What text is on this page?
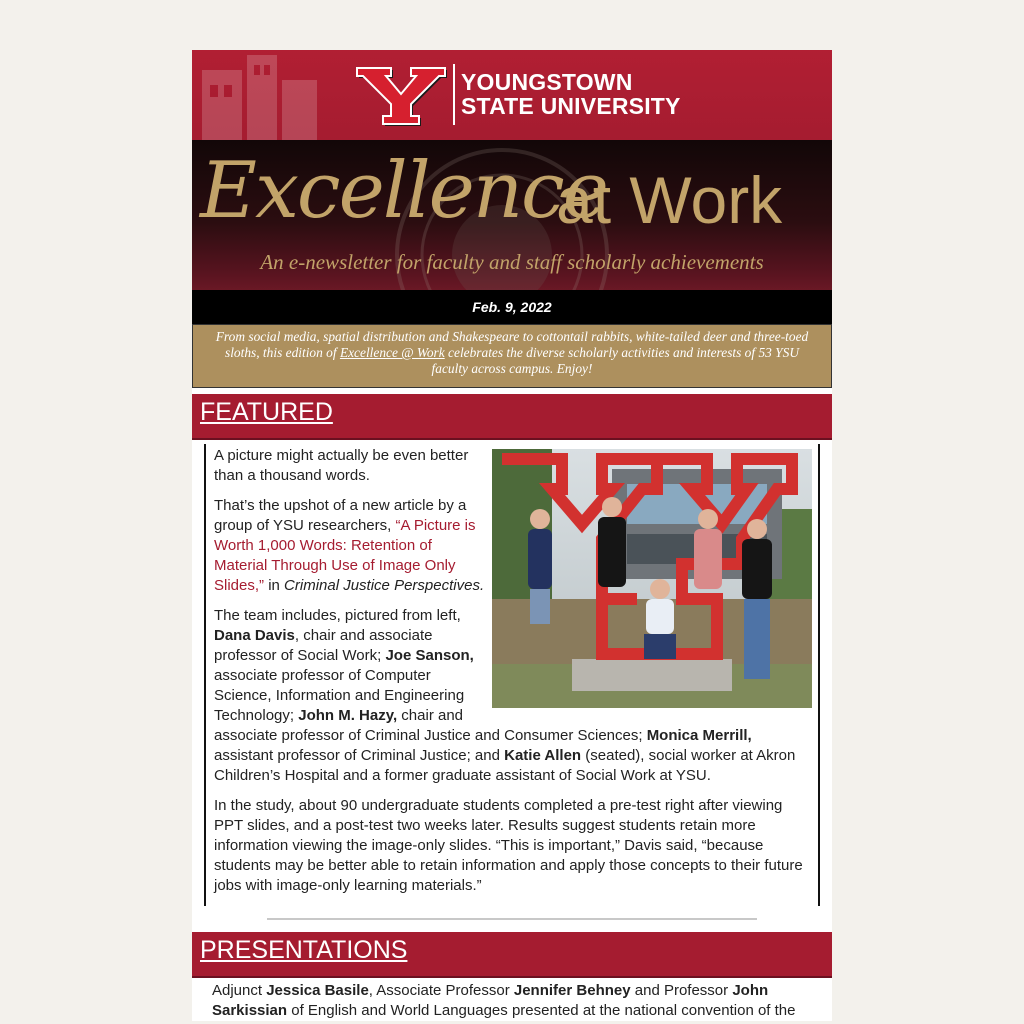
YOUNGSTOWN
STATE UNIVERSITY
Excellence
at Work
An e-newsletter for faculty and staff scholarly achievements
Feb. 9, 2022
From social media, spatial distribution and Shakespeare to cottontail rabbits, white-tailed deer and three-toed sloths, this edition of Excellence @ Work celebrates the diverse scholarly activities and interests of 53 YSU faculty across campus. Enjoy!
FEATURED

A picture might actually be even better than a thousand words.

That’s the upshot of a new article by a group of YSU researchers, “A Picture is Worth 1,000 Words: Retention of Material Through Use of Image Only Slides,” in Criminal Justice Perspectives.

The team includes, pictured from left, Dana Davis, chair and associate professor of Social Work; Joe Sanson, associate professor of Computer Science, Information and Engineering Technology; John M. Hazy, chair and associate professor of Criminal Justice and Consumer Sciences; Monica Merrill, assistant professor of Criminal Justice; and Katie Allen (seated), social worker at Akron Children’s Hospital and a former graduate assistant of Social Work at YSU.

In the study, about 90 undergraduate students completed a pre-test right after viewing PPT slides, and a post-test two weeks later. Results suggest students retain more information viewing the image-only slides. “This is important,” Davis said, “because students may be better able to retain information and apply those concepts to their future jobs with image-only learning materials.”

PRESENTATIONS

Adjunct Jessica Basile, Associate Professor Jennifer Behney and Professor John Sarkissian of English and World Languages presented at the national convention of the
